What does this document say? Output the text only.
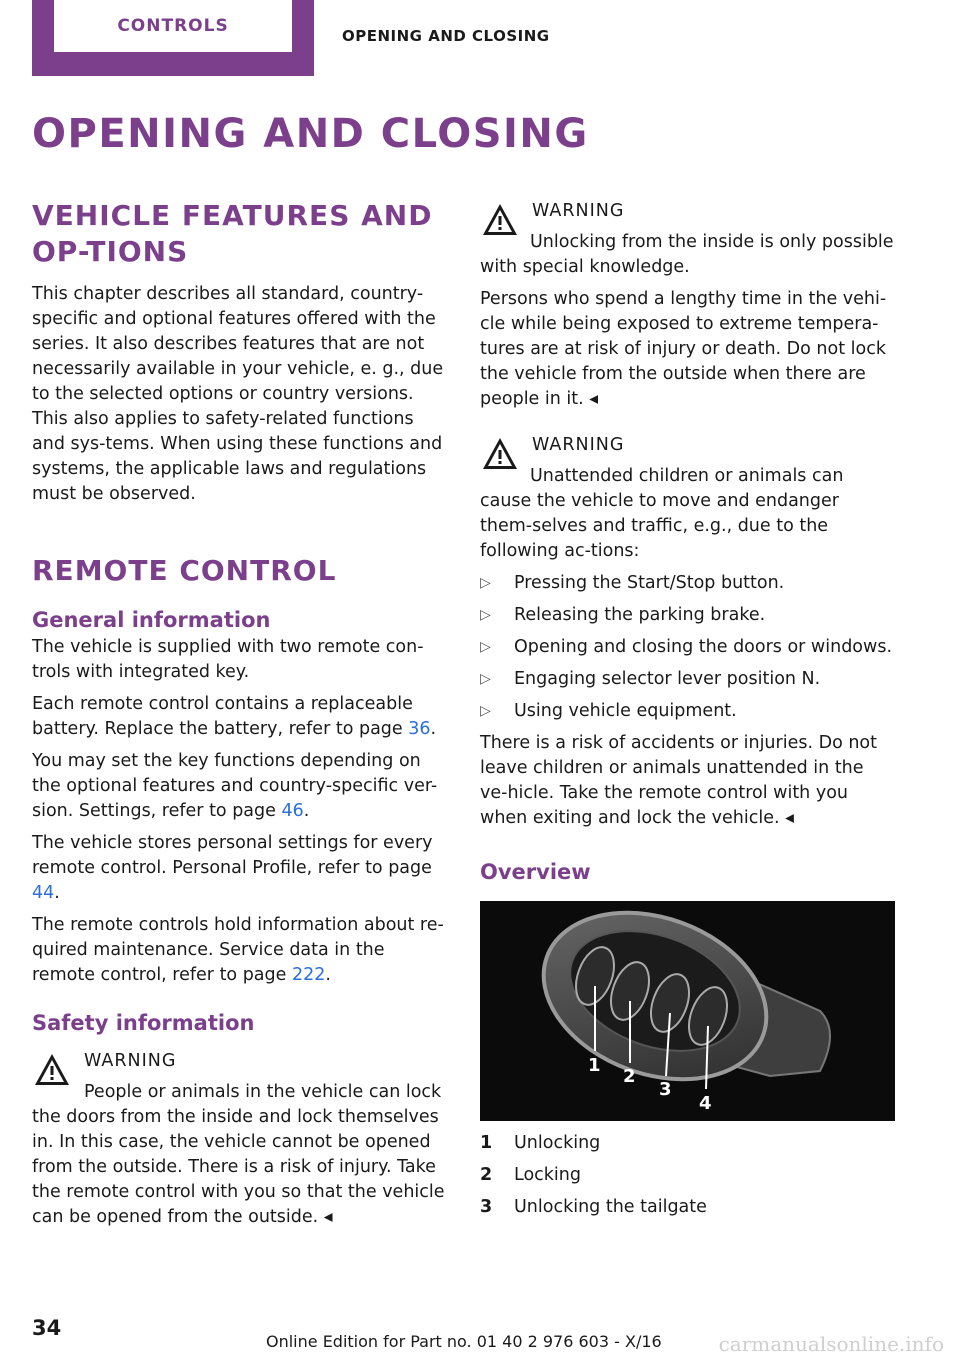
CONTROLS	OPENING AND CLOSING
OPENING AND CLOSING
VEHICLE FEATURES AND OP-TIONS

This chapter describes all standard, country-specific and optional features offered with the series. It also describes features that are not necessarily available in your vehicle, e. g., due to the selected options or country versions. This also applies to safety-related functions and sys-tems. When using these functions and systems, the applicable laws and regulations must be observed.

REMOTE CONTROL
General information

The vehicle is supplied with two remote con-trols with integrated key.

Each remote control contains a replaceable battery. Replace the battery, refer to page 36.

You may set the key functions depending on the optional features and country-specific ver-sion. Settings, refer to page 46.

The vehicle stores personal settings for every remote control. Personal Profile, refer to page 44.

The remote controls hold information about re-quired maintenance. Service data in the remote control, refer to page 222.

Safety information
WARNING

People or animals in the vehicle can lock the doors from the inside and lock themselves in. In this case, the vehicle cannot be opened from the outside. There is a risk of injury. Take the remote control with you so that the vehicle can be opened from the outside. ◂

WARNING

Unlocking from the inside is only possible with special knowledge.

Persons who spend a lengthy time in the vehi-cle while being exposed to extreme tempera-tures are at risk of injury or death. Do not lock the vehicle from the outside when there are people in it. ◂

WARNING

Unattended children or animals can cause the vehicle to move and endanger them-selves and traffic, e.g., due to the following ac-tions:

▷ Pressing the Start/Stop button.
▷ Releasing the parking brake.
▷ Opening and closing the doors or windows.
▷ Engaging selector lever position N.
▷ Using vehicle equipment.

There is a risk of accidents or injuries. Do not leave children or animals unattended in the ve-hicle. Take the remote control with you when exiting and lock the vehicle. ◂

Overview
1
2
3
4
1 Unlocking
2 Locking
3 Unlocking the tailgate
34
Online Edition for Part no. 01 40 2 976 603 - X/16	carmanualsonline.info
